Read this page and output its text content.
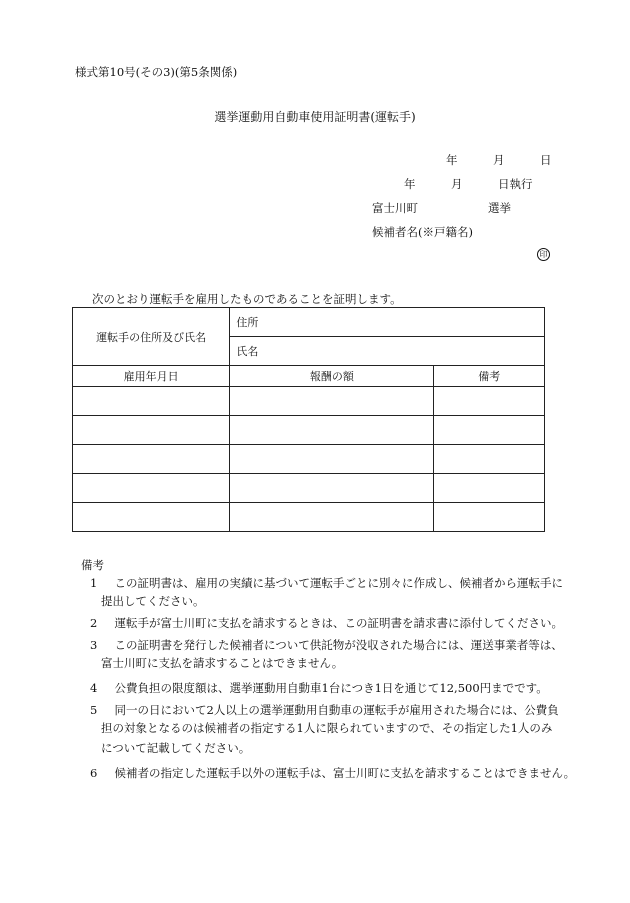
様式第10号(その3)(第5条関係)
選挙運動用自動車使用証明書(運転手)
年	月	日
年	月	日執行
富士川町	選挙
候補者名(※戸籍名)
印
次のとおり運転手を雇用したものであることを証明します。
運転手の住所及び氏名	住所	
	氏名	
雇用年月日	報酬の額	備考

備考
1　 この証明書は、雇用の実績に基づいて運転手ごとに別々に作成し、候補者から運転手に
提出してください。
2　 運転手が富士川町に支払を請求するときは、この証明書を請求書に添付してください。
3　 この証明書を発行した候補者について供託物が没収された場合には、運送事業者等は、
富士川町に支払を請求することはできません。
4　 公費負担の限度額は、選挙運動用自動車1台につき1日を通じて12,500円までです。
5　 同一の日において2人以上の選挙運動用自動車の運転手が雇用された場合には、公費負
担の対象となるのは候補者の指定する1人に限られていますので、その指定した1人のみ
について記載してください。
6　 候補者の指定した運転手以外の運転手は、富士川町に支払を請求することはできません。
